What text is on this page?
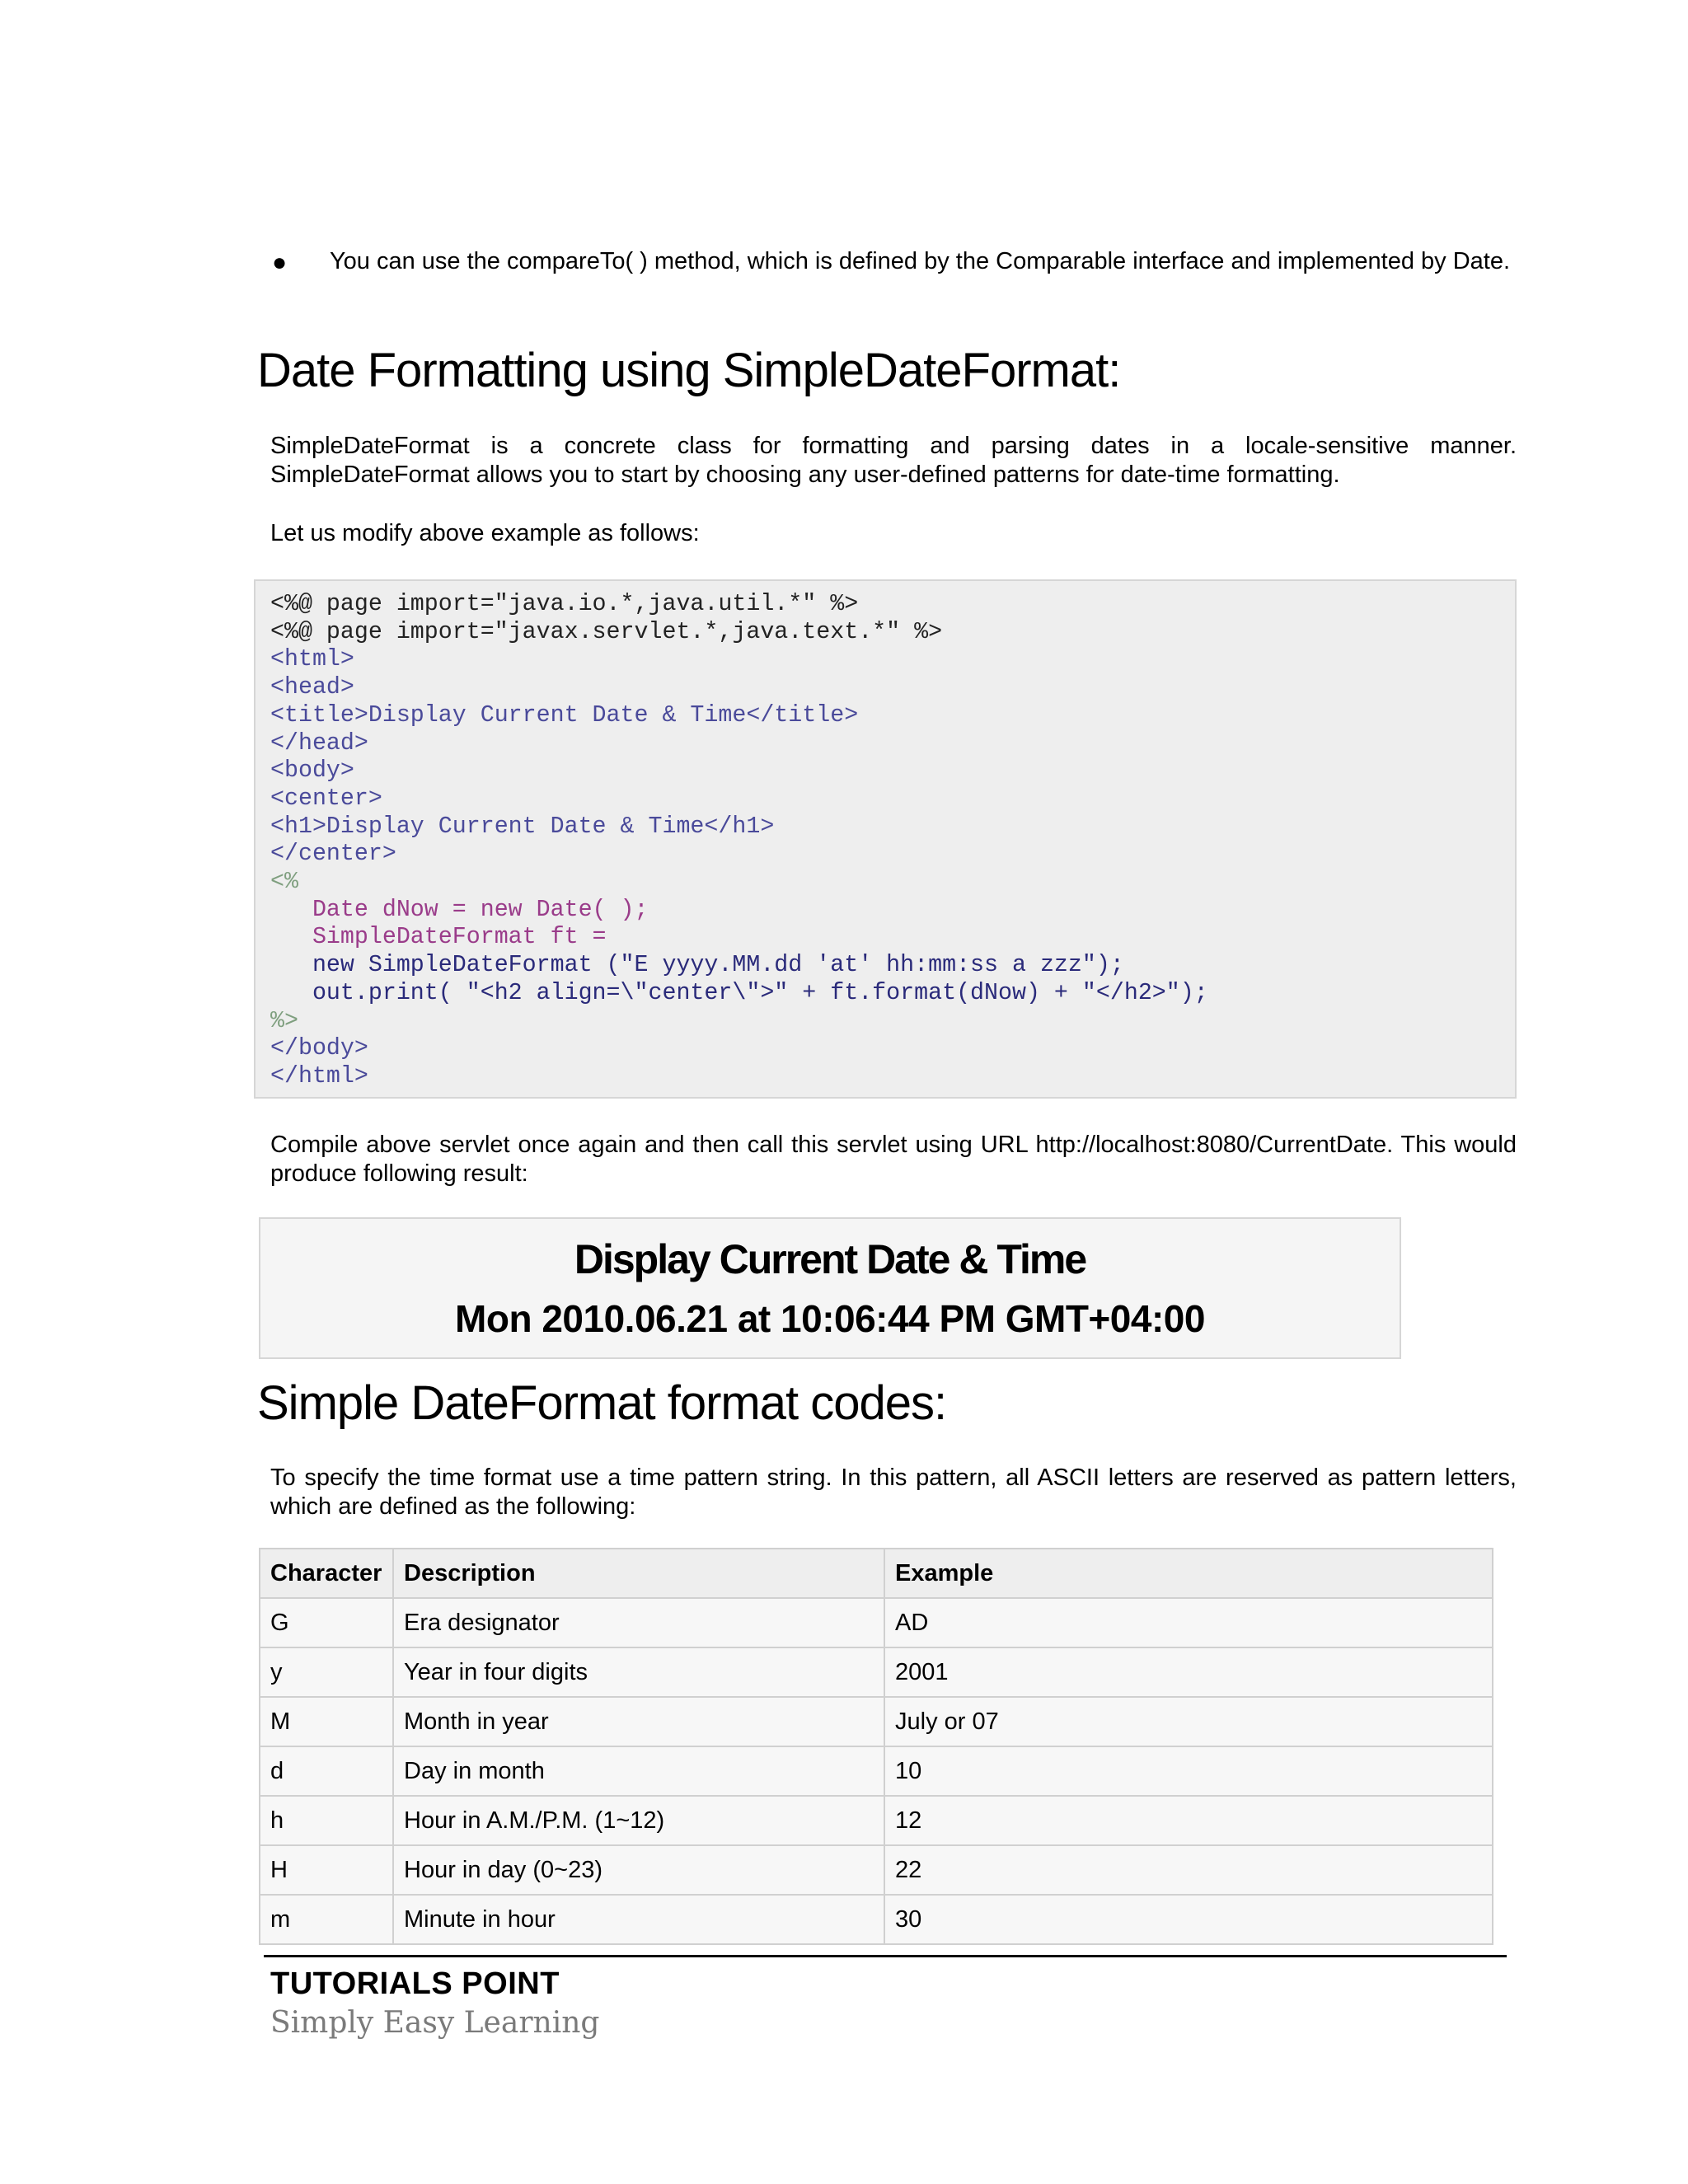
● You can use the compareTo( ) method, which is defined by the Comparable interface and implemented by Date.
Date Formatting using SimpleDateFormat:

SimpleDateFormat is a concrete class for formatting and parsing dates in a locale-sensitive manner. SimpleDateFormat allows you to start by choosing any user-defined patterns for date-time formatting.

Let us modify above example as follows:

<%@ page import="java.io.*,java.util.*" %>
<%@ page import="javax.servlet.*,java.text.*" %>
<html>
<head>
<title>Display Current Date & Time</title>
</head>
<body>
<center>
<h1>Display Current Date & Time</h1>
</center>
<%
Date dNow = new Date( );
SimpleDateFormat ft =
new SimpleDateFormat ("E yyyy.MM.dd 'at' hh:mm:ss a zzz");
out.print( "<h2 align=\"center\">" + ft.format(dNow) + "</h2>");
%>
</body>
</html>

Compile above servlet once again and then call this servlet using URL http://localhost:8080/CurrentDate. This would produce following result:

Display Current Date & Time
Mon 2010.06.21 at 10:06:44 PM GMT+04:00
Simple DateFormat format codes:

To specify the time format use a time pattern string. In this pattern, all ASCII letters are reserved as pattern letters, which are defined as the following:

Character	Description	Example
G	Era designator	AD
y	Year in four digits	2001
M	Month in year	July or 07
d	Day in month	10
h	Hour in A.M./P.M. (1~12)	12
H	Hour in day (0~23)	22
m	Minute in hour	30
TUTORIALS POINT
Simply Easy Learning
